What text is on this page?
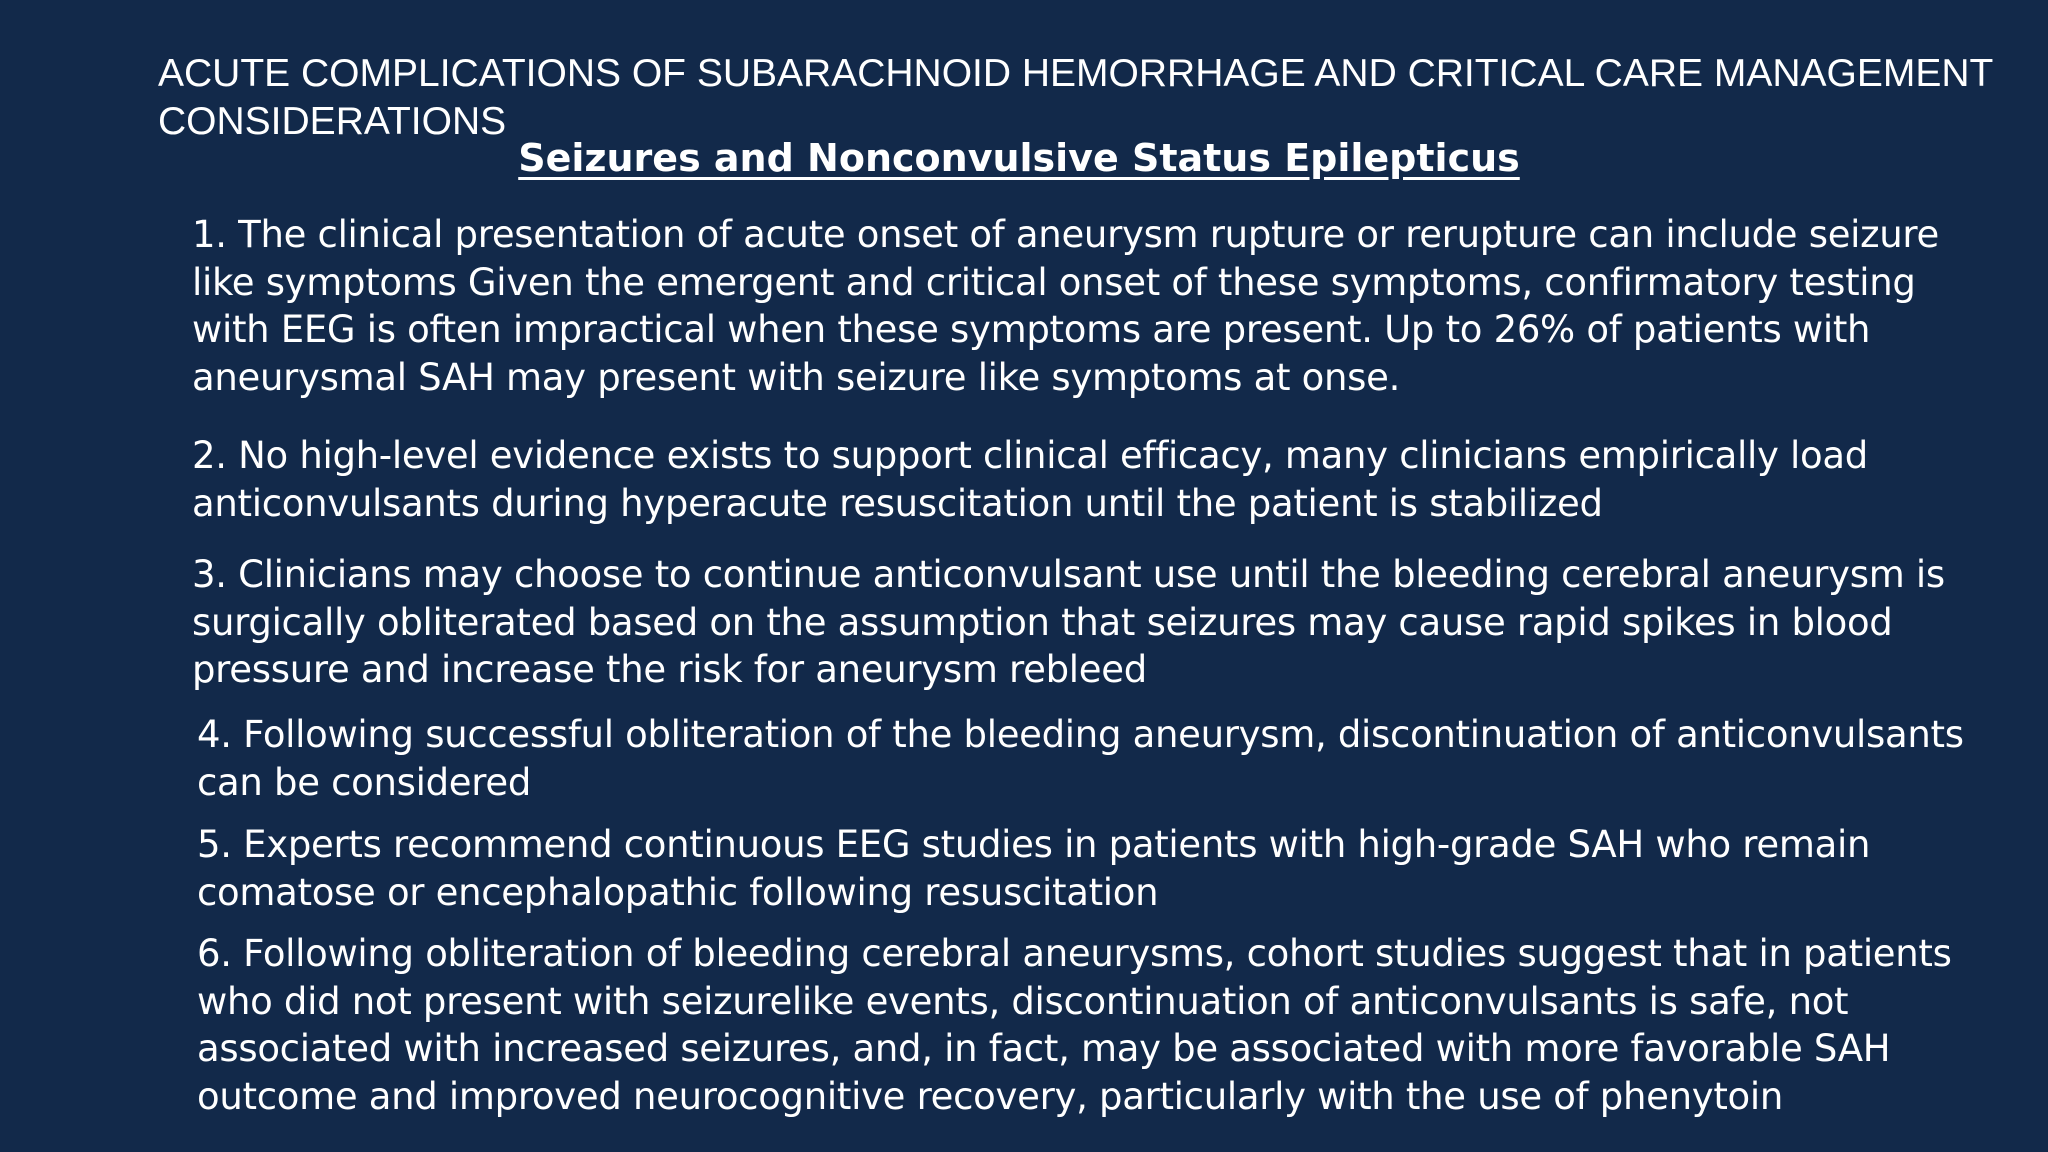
ACUTE COMPLICATIONS OF SUBARACHNOID HEMORRHAGE AND CRITICAL CARE MANAGEMENT CONSIDERATIONS
Seizures and Nonconvulsive Status Epilepticus

1. The clinical presentation of acute onset of aneurysm rupture or rerupture can include seizure like symptoms Given the emergent and critical onset of these symptoms, confirmatory testing with EEG is often impractical when these symptoms are present. Up to 26% of patients with aneurysmal SAH may present with seizure like symptoms at onse.

2. No high-level evidence exists to support clinical efficacy, many clinicians empirically load anticonvulsants during hyperacute resuscitation until the patient is stabilized

3. Clinicians may choose to continue anticonvulsant use until the bleeding cerebral aneurysm is surgically obliterated based on the assumption that seizures may cause rapid spikes in blood pressure and increase the risk for aneurysm rebleed

4. Following successful obliteration of the bleeding aneurysm, discontinuation of anticonvulsants can be considered

5. Experts recommend continuous EEG studies in patients with high-grade SAH who remain comatose or encephalopathic following resuscitation

6. Following obliteration of bleeding cerebral aneurysms, cohort studies suggest that in patients who did not present with seizurelike events, discontinuation of anticonvulsants is safe, not associated with increased seizures, and, in fact, may be associated with more favorable SAH outcome and improved neurocognitive recovery, particularly with the use of phenytoin
